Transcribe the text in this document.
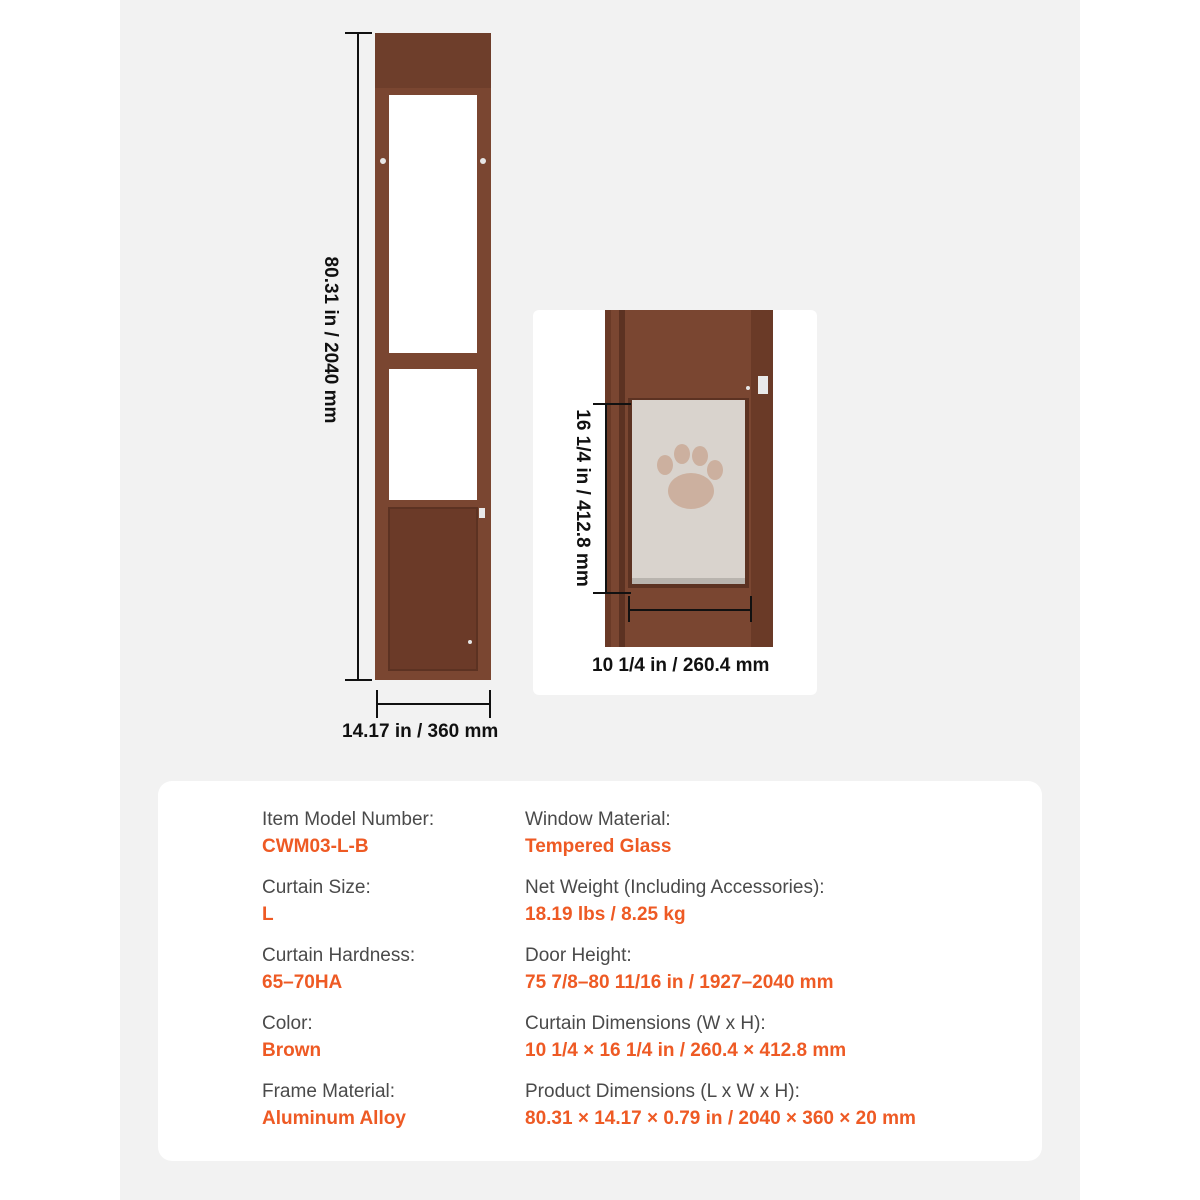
80.31 in / 2040 mm
14.17 in / 360 mm
16 1/4 in / 412.8 mm
10 1/4 in / 260.4 mm
Item Model Number:
CWM03-L-B
Curtain Size:
L
Curtain Hardness:
65–70HA
Color:
Brown
Frame Material:
Aluminum Alloy
Window Material:
Tempered Glass
Net Weight (Including Accessories):
18.19 lbs / 8.25 kg
Door Height:
75 7/8–80 11/16 in / 1927–2040 mm
Curtain Dimensions (W x H):
10 1/4 × 16 1/4 in / 260.4 × 412.8 mm
Product Dimensions (L x W x H):
80.31 × 14.17 × 0.79 in / 2040 × 360 × 20 mm
